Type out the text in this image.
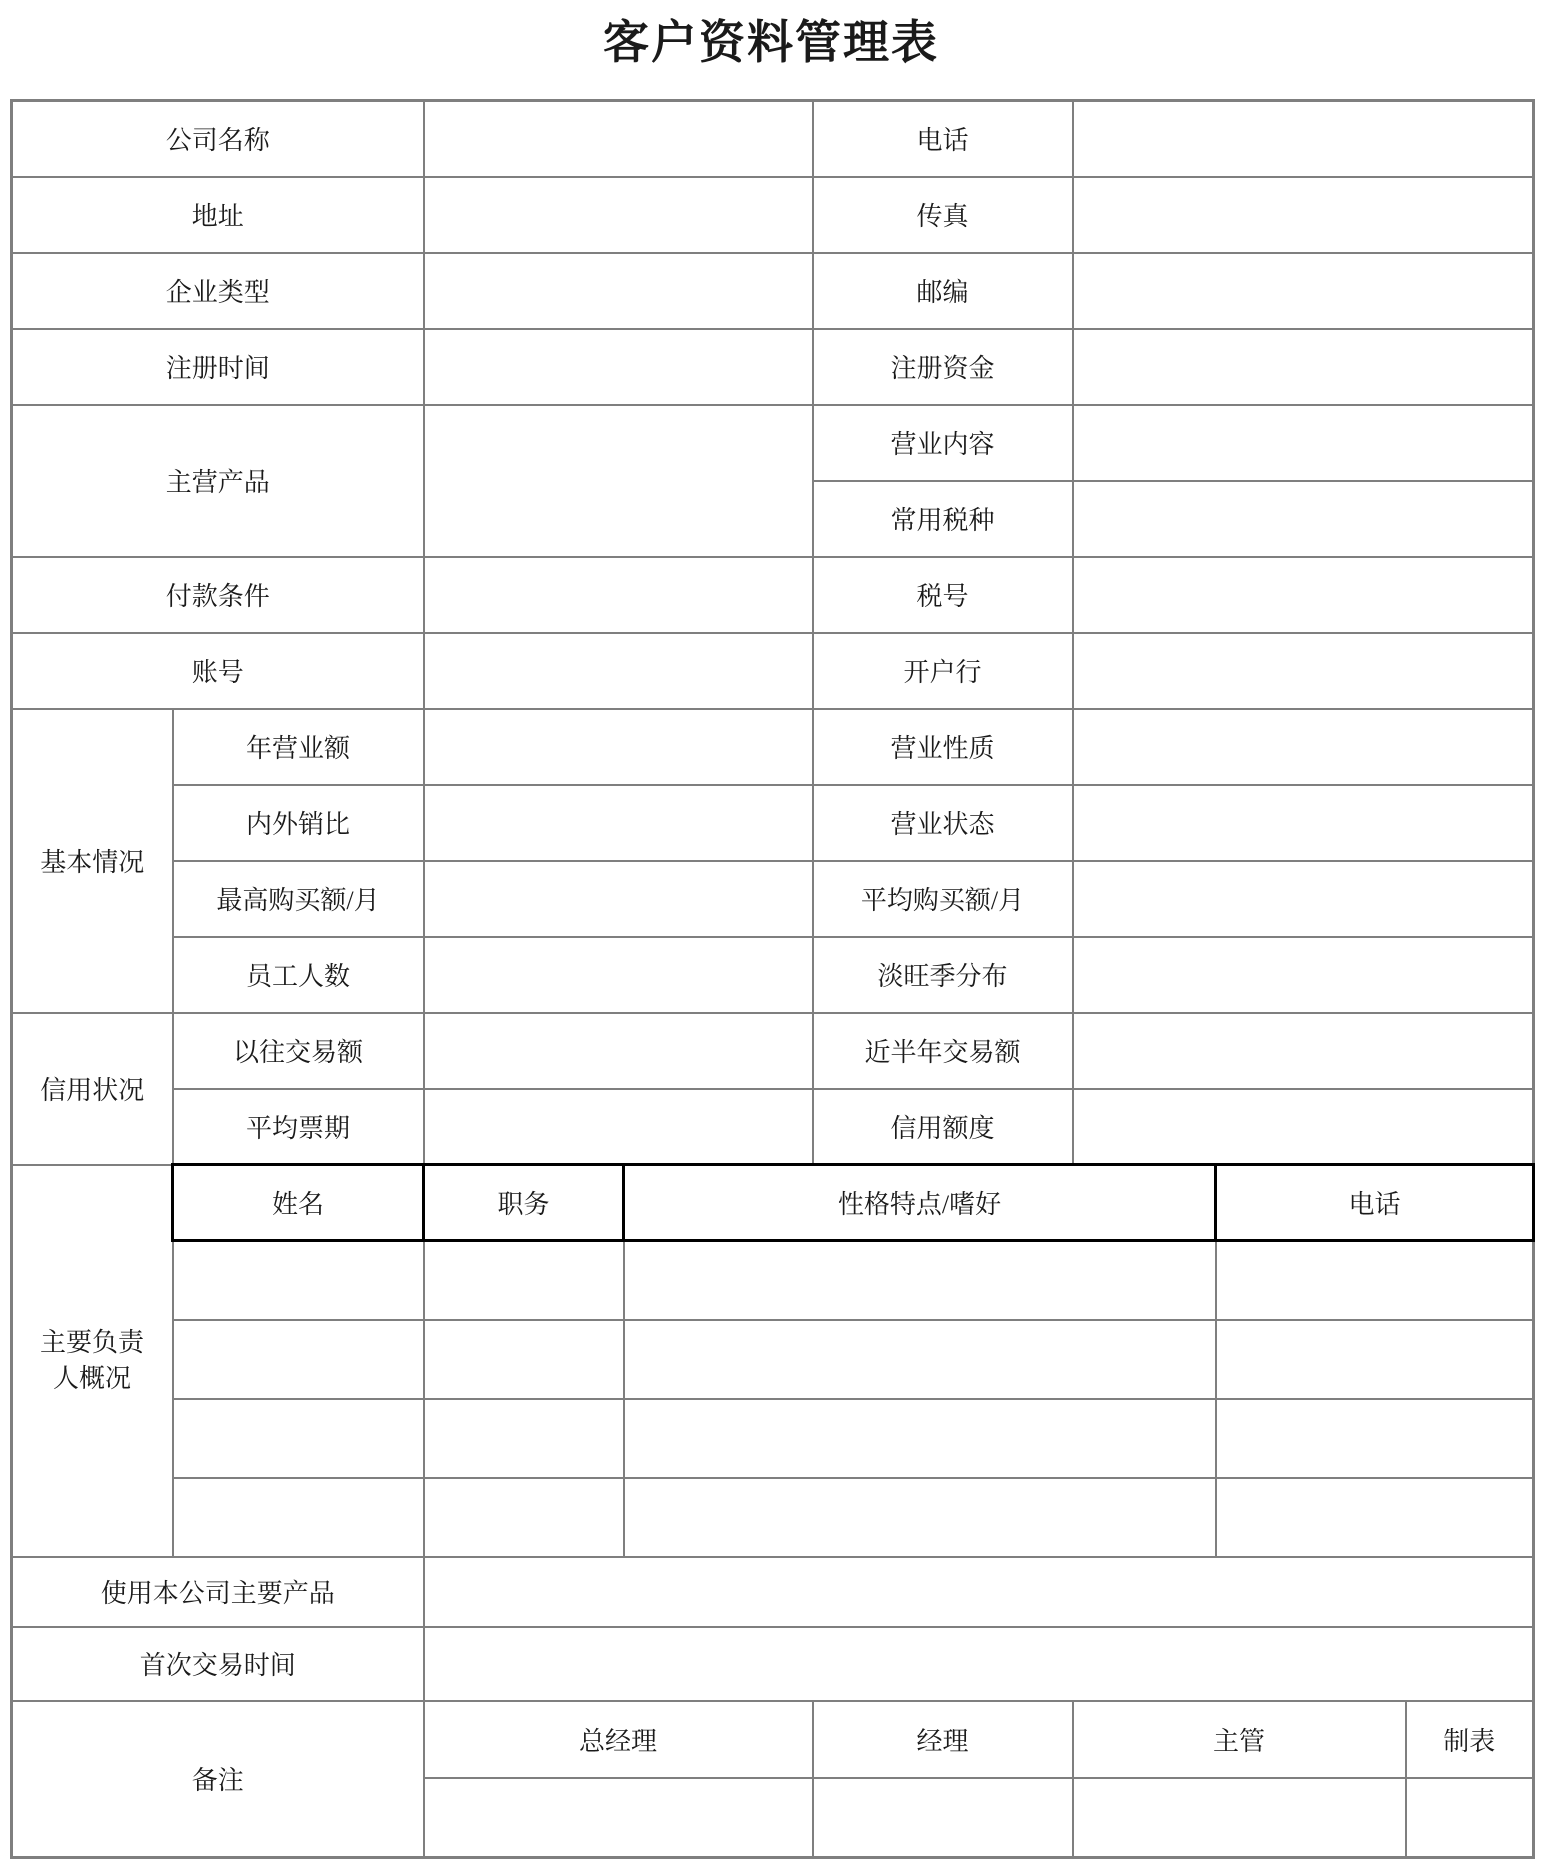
客户资料管理表
公司名称				电话			
地址				传真			
企业类型				邮编			
注册时间				注册资金			
主营产品				营业内容			
				常用税种			
付款条件				税号			
账号				开户行			
基本情况	年营业额			营业性质			
	内外销比			营业状态			
	最高购买额/月			平均购买额/月			
	员工人数			淡旺季分布			
信用状况	以往交易额			近半年交易额			
	平均票期			信用额度			

主要负责
人概况	姓名	职务	性格特点/嗜好			电话	

使用本公司主要产品							
首次交易时间							
备注		总经理		经理	主管		制表
